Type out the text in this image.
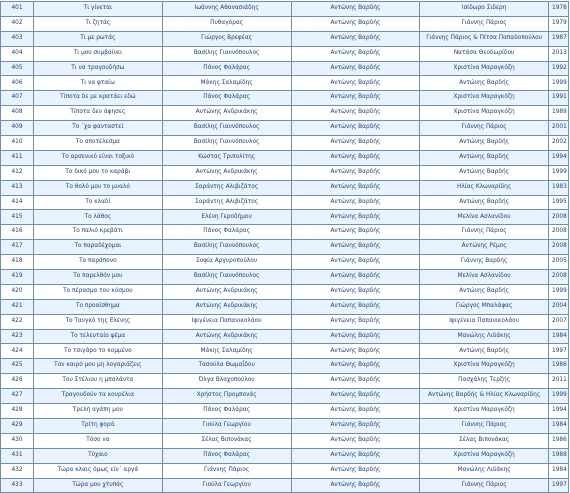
401	Τι γίνεται	Ιωάννης Αθανασιάδης	Αντώνης Βαρδής	Ισίδωρο Σιδερη	1978
402	Τι ζητάς	Πυθαγόρας	Αντώνης Βαρδής	Γιάννης Πάριος	1979
403	Τι με ρωτάς	Γιώργος Βρεφέας	Αντώνης Βαρδής	Γιάννης Πάριος & Πίτσα Παπαδοπούλου	1987
404	Τι μου συμβαίνει	Βασίλης Γιαννόπουλος	Αντώνης Βαρδής	Νατάσα Θεοδωρίδου	2013
405	Τι να τραγουδήσω	Πάνος Φαλάρας	Αντώνης Βαρδής	Χριστίνα Μαραγκόζη	1992
406	Τι να φταίω	Μάκης Σαλαμίδης	Αντώνης Βαρδής	Αντώνης Βαρδής	1999
407	Τίποτα δε με κρατάει εδώ	Πάνος Φαλάρας	Αντώνης Βαρδής	Χριστίνα Μαραγκόζη	1991
408	Τίποτα δεν άφησες	Αντώνης Ανδρικάκης	Αντώνης Βαρδής	Χριστίνα Μαραγκόζη	1989
409	Το ΄χα φανταστεί	Βασίλης Γιαννόπουλος	Αντώνης Βαρδής	Γιάννης Πάριος	2001
410	Το αποτέλεσμα	Βασίλης Γιαννόπουλος	Αντώνης Βαρδής	Αντώνης Βαρδής	2002
411	Το αρσενικό είναι τοξικό	Κώστας Τριπολίτης	Αντώνης Βαρδής	Αντώνης Βαρδής	1994
412	Το δικό μου το καράβι	Αντώνης Ανδρικάκης	Αντώνης Βαρδής	Αντώνης Βαρδής	1999
413	Το θολό μου το μυαλό	Σαράντης Αλιβιζάτος	Αντώνης Βαρδής	Ηλίας Κλωναρίδης	1983
414	Το κλαδί	Σαράντης Αλιβιζάτος	Αντώνης Βαρδής	Αντώνης Βαρδής	1995
415	Το λάθος	Ελένη Γεροδήμου	Αντώνης Βαρδής	Μελίνα Ασλανίδου	2008
416	Το παλιό κρεβάτι	Πάνος Φαλάρας	Αντώνης Βαρδής	Γιάννης Πάριος	2008
417	Το παραδέχομαι	Βασίλης Γιαννόπουλος	Αντώνης Βαρδής	Αντώνης Ρέμος	2008
418	Το παράπονο	Σοφία Αργυροπούλου	Αντώνης Βαρδής	Γιάννης Βαρδής	2005
419	Το παρελθόν μου	Βασίλης Γιαννόπουλος	Αντώνης Βαρδής	Μελίνα Ασλανίδου	2008
420	Το πέρασμα του κόσμου	Αντώνης Ανδρικάκης	Αντώνης Βαρδής	Αντώνης Βαρδής	1999
421	Το προαίσθημα	Αντώνης Ανδρικάκης	Αντώνης Βαρδής	Γιώργος Μπαλάφας	2004
422	Το Τανγκό της Ελένης	Ιφιγένεια Παπανικολάου	Αντώνης Βαρδής	Ιφιγένεια Παπανικολάου	2007
423	Το τελευταίο ψέμα	Αντώνης Ανδρικάκης	Αντώνης Βαρδής	Μανώλης Λιδάκης	1984
424	Το τσιγάρο το κομμένο	Μάκης Σαλαμίδης	Αντώνης Βαρδής	Αντώνης Βαρδής	1997
425	Τον καιρό μου μη λογαριάζεις	Τασούλα Θωμαΐδου	Αντώνης Βαρδής	Χριστίνα Μαραγκόζη	1986
426	Του Στέλιου η μπαλάντα	Όλγα Βλαχοπούλου	Αντώνης Βαρδής	Πασχάλης Τερζής	2011
427	Τραγουδούν τα κουρέλια	Χρήστος Προμπονάς	Αντώνης Βαρδής	Αντώνης Βαρδής & Ηλίας Κλωναρίδης	1999
428	Τρελή αγάπη μου	Πάνος Φαλάρας	Αντώνης Βαρδής	Χριστίνα Μαραγκόζη	1994
429	Τρίτη φορά	Γιούλα Γεωργίου	Αντώνης Βαρδής	Γιάννης Πάριος	1984
430	Τόσο να	Σέλας Βιπονάκας	Αντώνης Βαρδής	Σέλας Βιπονάκας	1986
431	Τύχαιο	Πάνος Φαλάρας	Αντώνης Βαρδής	Χριστίνα Μαραγκόζη	1988
432	Τώρα κλαις όμως είν΄ αργά	Γιάννης Πάριος	Αντώνης Βαρδής	Μανώλης Λιδάκης	1984
433	Τώρα μου χτυπάς	Γιούλα Γεωργίου	Αντώνης Βαρδής	Γιάννης Πάριος	1997
